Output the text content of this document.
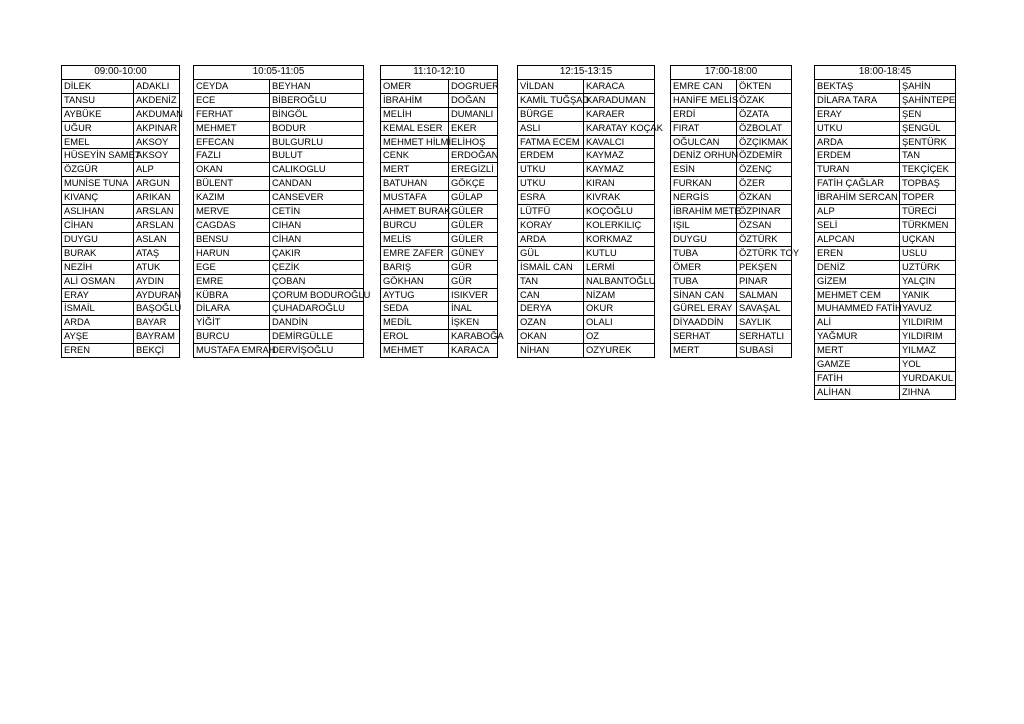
09:00-10:00	
DİLEK	ADAKLI
TANSU	AKDENİZ
AYBÜKE	AKDUMAN
UĞUR	AKPINAR
EMEL	AKSOY
HÜSEYİN SAMET	AKSOY
ÖZGÜR	ALP
MUNİSE TUNA	ARGUN
KIVANÇ	ARIKAN
ASLIHAN	ARSLAN
CİHAN	ARSLAN
DUYGU	ASLAN
BURAK	ATAŞ
NEZİH	ATUK
ALİ OSMAN	AYDIN
ERAY	AYDURAN
İSMAİL	BAŞOĞLU
ARDA	BAYAR
AYŞE	BAYRAM
EREN	BEKÇİ
10:05-11:05	
CEYDA	BEYHAN
ECE	BİBEROĞLU
FERHAT	BİNGÖL
MEHMET	BODUR
EFECAN	BULGURLU
FAZLI	BULUT
OKAN	CALIKOGLU
BÜLENT	CANDAN
KAZIM	CANSEVER
MERVE	CETİN
CAGDAS	CIHAN
BENSU	CİHAN
HARUN	ÇAKIR
EGE	ÇEZİK
EMRE	ÇOBAN
KÜBRA	ÇORUM BODUROĞLU
DİLARA	ÇUHADAROĞLU
YİĞİT	DANDİN
BURCU	DEMİRGÜLLE
MUSTAFA EMRAH	DERVİŞOĞLU
11:10-12:10	
OMER	DOGRUER
İBRAHİM	DOĞAN
MELİH	DUMANLI
KEMAL ESER	EKER
MEHMET HİLMİ	ELİHOŞ
CENK	ERDOĞAN
MERT	EREGİZLİ
BATUHAN	GÖKÇE
MUSTAFA	GÜLAP
AHMET BURAK	GÜLER
BURCU	GÜLER
MELİS	GÜLER
EMRE ZAFER	GÜNEY
BARIŞ	GÜR
GÖKHAN	GÜR
AYTUG	ISIKVER
SEDA	İNAL
MEDİL	İŞKEN
EROL	KARABOĞA
MEHMET	KARACA
12:15-13:15	
VİLDAN	KARACA
KAMİL TUĞŞAD	KARADUMAN
BÜRGE	KARAER
ASLI	KARATAY KOÇAK
FATMA ECEM	KAVALCI
ERDEM	KAYMAZ
UTKU	KAYMAZ
UTKU	KIRAN
ESRA	KIVRAK
LÜTFÜ	KOÇOĞLU
KORAY	KOLERKILIÇ
ARDA	KORKMAZ
GÜL	KUTLU
İSMAİL CAN	LERMİ
TAN	NALBANTOĞLU
CAN	NİZAM
DERYA	OKUR
OZAN	OLALI
OKAN	OZ
NİHAN	OZYUREK
17:00-18:00	
EMRE CAN	ÖKTEN
HANİFE MELİS	ÖZAK
ERDİ	ÖZATA
FIRAT	ÖZBOLAT
OĞULCAN	ÖZÇIKMAK
DENİZ ORHUN	ÖZDEMİR
ESİN	ÖZENÇ
FURKAN	ÖZER
NERGİS	ÖZKAN
İBRAHİM METE	ÖZPINAR
IŞIL	ÖZSAN
DUYGU	ÖZTÜRK
TUBA	ÖZTÜRK TOY
ÖMER	PEKŞEN
TUBA	PINAR
SİNAN CAN	SALMAN
GÜREL ERAY	SAVAŞAL
DİYAADDİN	SAYLIK
SERHAT	SERHATLI
MERT	SUBASİ
18:00-18:45	
BEKTAŞ	ŞAHİN
DİLARA TARA	ŞAHİNTEPE
ERAY	ŞEN
UTKU	ŞENGÜL
ARDA	ŞENTÜRK
ERDEM	TAN
TURAN	TEKÇİÇEK
FATİH ÇAĞLAR	TOPBAŞ
İBRAHİM SERCAN	TOPER
ALP	TÜRECİ
SELİ	TÜRKMEN
ALPCAN	UÇKAN
EREN	USLU
DENİZ	UZTÜRK
GİZEM	YALÇIN
MEHMET CEM	YANIK
MUHAMMED FATİH	YAVUZ
ALİ	YILDIRIM
YAĞMUR	YILDIRIM
MERT	YILMAZ
GAMZE	YOL
FATİH	YURDAKUL
ALİHAN	ZIHNA
